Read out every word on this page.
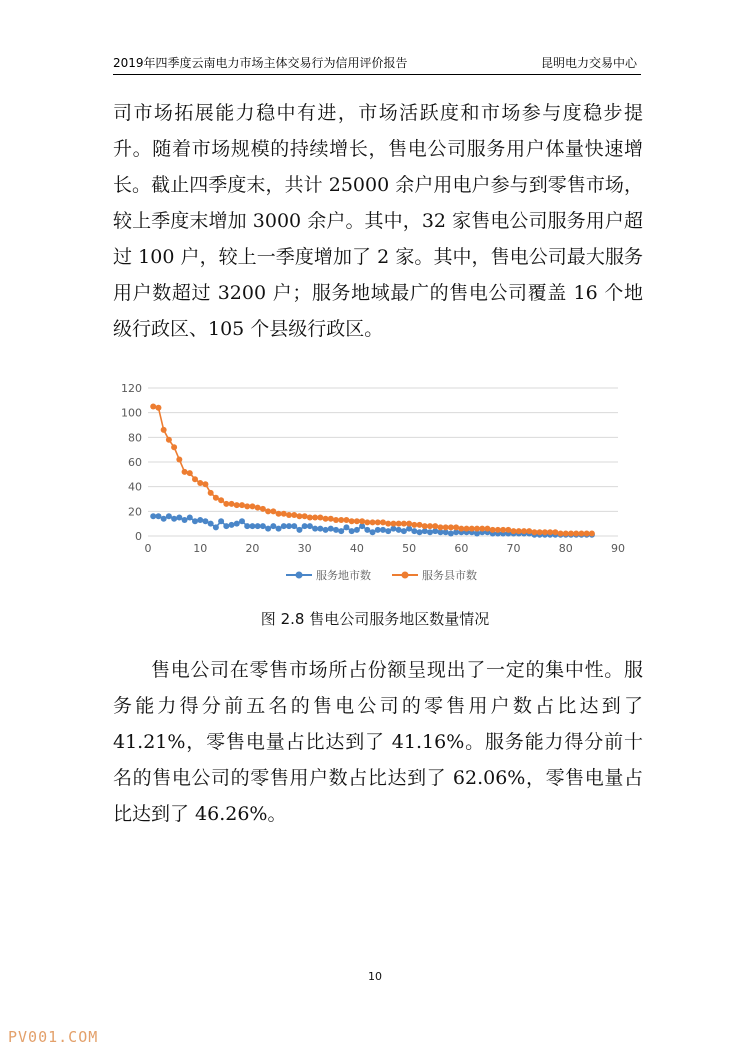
2019年四季度云南电力市场主体交易行为信用评价报告	昆明电力交易中心

司市场拓展能力稳中有进，市场活跃度和市场参与度稳步提升。随着市场规模的持续增长，售电公司服务用户体量快速增长。截止四季度末，共计 25000 余户用电户参与到零售市场，较上季度末增加 3000 余户。其中，32 家售电公司服务用户超过 100 户，较上一季度增加了 2 家。其中，售电公司最大服务用户数超过 3200 户；服务地域最广的售电公司覆盖 16 个地级行政区、105 个县级行政区。

0
20
40
60
80
100
120
0	10	20	30	40	50	60	70	80	90
服务地市数	服务县市数
图 2.8 售电公司服务地区数量情况

售电公司在零售市场所占份额呈现出了一定的集中性。服务能力得分前五名的售电公司的零售用户数占比达到了 41.21%，零售电量占比达到了 41.16%。服务能力得分前十名的售电公司的零售用户数占比达到了 62.06%，零售电量占比达到了 46.26%。

10
PV001.COM
